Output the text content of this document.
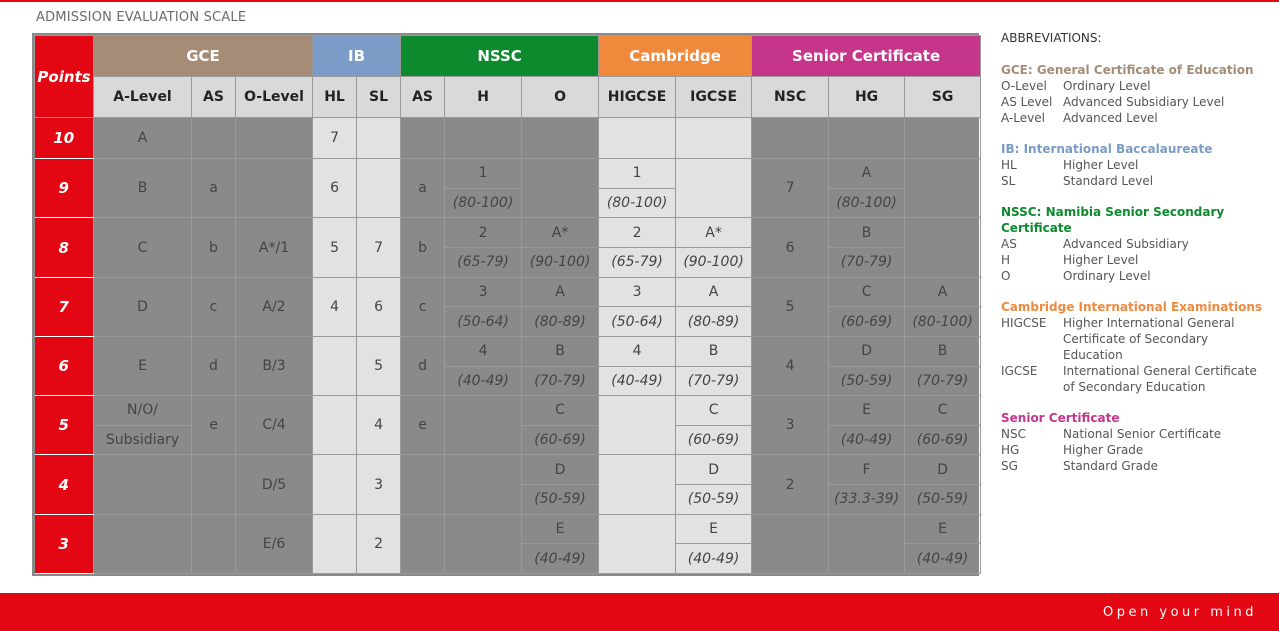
ADMISSION EVALUATION SCALE
Points	GCE			IB		NSSC			Cambridge		Senior Certificate		
	A-Level	AS	O-Level	HL	SL	AS	H	O	HIGCSE	IGCSE	NSC	HG	SG
10	A			7									
9	B	a		6		a	1		1		7	A	
							(80-100)		(80-100)			(80-100)	
8	C	b	A*/1	5	7	b	2	A*	2	A*	6	B	
							(65-79)	(90-100)	(65-79)	(90-100)		(70-79)	
7	D	c	A/2	4	6	c	3	A	3	A	5	C	A
							(50-64)	(80-89)	(50-64)	(80-89)		(60-69)	(80-100)
6	E	d	B/3		5	d	4	B	4	B	4	D	B
							(40-49)	(70-79)	(40-49)	(70-79)		(50-59)	(70-79)
5	N/O/	e	C/4		4	e		C		C	3	E	C
	Subsidiary							(60-69)		(60-69)		(40-49)	(60-69)
4			D/5		3			D		D	2	F	D
								(50-59)		(50-59)		(33.3-39)	(50-59)
3			E/6		2			E		E			E
								(40-49)		(40-49)			(40-49)
ABBREVIATIONS:
GCE: General Certificate of Education
O-Level	Ordinary Level
AS Level Advanced Subsidiary Level
A-Level	Advanced Level
IB: International Baccalaureate
HL	Higher Level
SL	Standard Level
NSSC: Namibia Senior Secondary Certificate
AS	Advanced Subsidiary
H	Higher Level
O	Ordinary Level
Cambridge International Examinations
HIGCSE	Higher International General Certificate of Secondary Education
IGCSE	International General Certificate of Secondary Education
Senior Certificate
NSC	National Senior Certificate
HG	Higher Grade
SG	Standard Grade
Open your mind
